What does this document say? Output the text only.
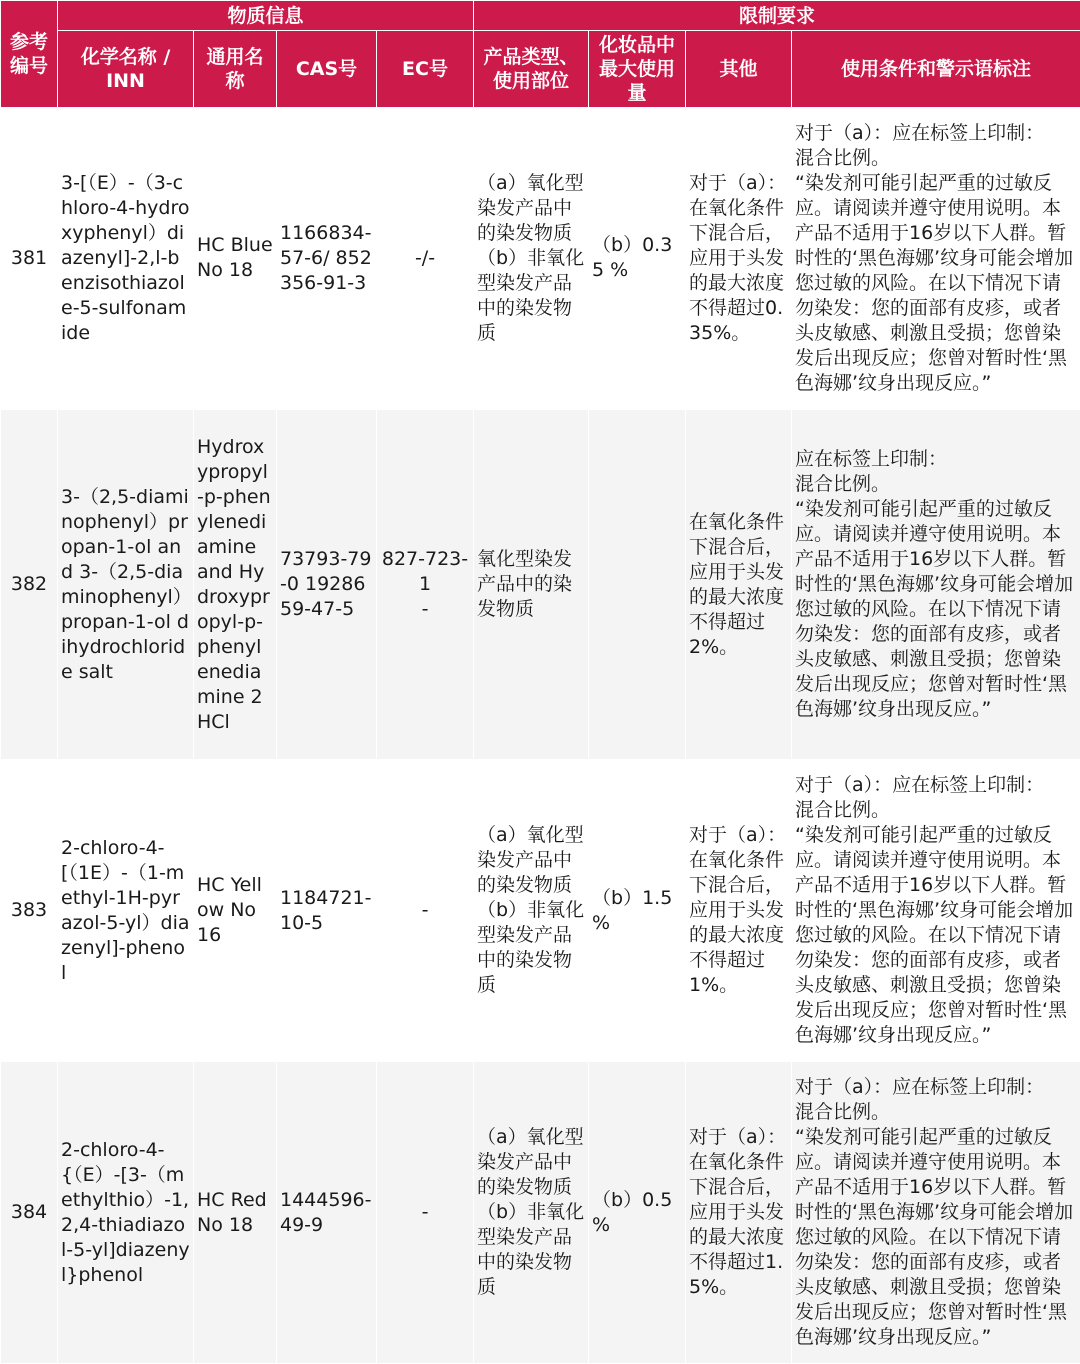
参考
编号	物质信息				限制要求			
	化学名称 /
INN	通用名
称	CAS号	EC号	产品类型、
使用部位	化妆品中
最大使用
量	其他	使用条件和警示语标注
381	3-[（E）-（3-chloro-4-hydroxyphenyl）diazenyl]-2,l-benzisothiazole-5-sulfonamide	HC Blue No 18	1166834-57-6/ 852356-91-3	-/-	（a）氧化型染发产品中的染发物质
（b）非氧化型染发产品中的染发物质	（b）0.35 %	对于（a）：在氧化条件下混合后，应用于头发的最大浓度不得超过0.35%。	对于（a）：应在标签上印制：
混合比例。
“染发剂可能引起严重的过敏反应。请阅读并遵守使用说明。本产品不适用于16岁以下人群。暂时性的‘黑色海娜’纹身可能会增加您过敏的风险。在以下情况下请勿染发：您的面部有皮疹，或者头皮敏感、刺激且受损；您曾染发后出现反应；您曾对暂时性‘黑色海娜’纹身出现反应。”
382	3-（2,5-diaminophenyl）propan-1-ol and 3-（2,5-diaminophenyl）propan-1-ol dihydrochloride salt	Hydroxypropyl-p-phenylenediamine and Hydroxypropyl-p-phenylenediamine 2HCl	73793-79-0 1928659-47-5	827-723-1
-	氧化型染发产品中的染发物质		在氧化条件下混合后，应用于头发的最大浓度不得超过2%。	应在标签上印制：
混合比例。
“染发剂可能引起严重的过敏反应。请阅读并遵守使用说明。本产品不适用于16岁以下人群。暂时性的‘黑色海娜’纹身可能会增加您过敏的风险。在以下情况下请勿染发：您的面部有皮疹，或者头皮敏感、刺激且受损；您曾染发后出现反应；您曾对暂时性‘黑色海娜’纹身出现反应。”
383	2-chloro-4-[（1E）-（1-methyl-1H-pyrazol-5-yl）diazenyl]-phenol	HC Yellow No 16	1184721-10-5	-	（a）氧化型染发产品中的染发物质
（b）非氧化型染发产品中的染发物质	（b）1.5 %	对于（a）：在氧化条件下混合后，应用于头发的最大浓度不得超过1%。	对于（a）：应在标签上印制：
混合比例。
“染发剂可能引起严重的过敏反应。请阅读并遵守使用说明。本产品不适用于16岁以下人群。暂时性的‘黑色海娜’纹身可能会增加您过敏的风险。在以下情况下请勿染发：您的面部有皮疹，或者头皮敏感、刺激且受损；您曾染发后出现反应；您曾对暂时性‘黑色海娜’纹身出现反应。”
384	2-chloro-4-{（E）-[3-（methylthio）-1,2,4-thiadiazol-5-yl]diazenyl}phenol	HC Red No 18	1444596-49-9	-	（a）氧化型染发产品中的染发物质
（b）非氧化型染发产品中的染发物质	（b）0.5 %	对于（a）：在氧化条件下混合后，应用于头发的最大浓度不得超过1.5%。	对于（a）：应在标签上印制：
混合比例。
“染发剂可能引起严重的过敏反应。请阅读并遵守使用说明。本产品不适用于16岁以下人群。暂时性的‘黑色海娜’纹身可能会增加您过敏的风险。在以下情况下请勿染发：您的面部有皮疹，或者头皮敏感、刺激且受损；您曾染发后出现反应；您曾对暂时性‘黑色海娜’纹身出现反应。”
